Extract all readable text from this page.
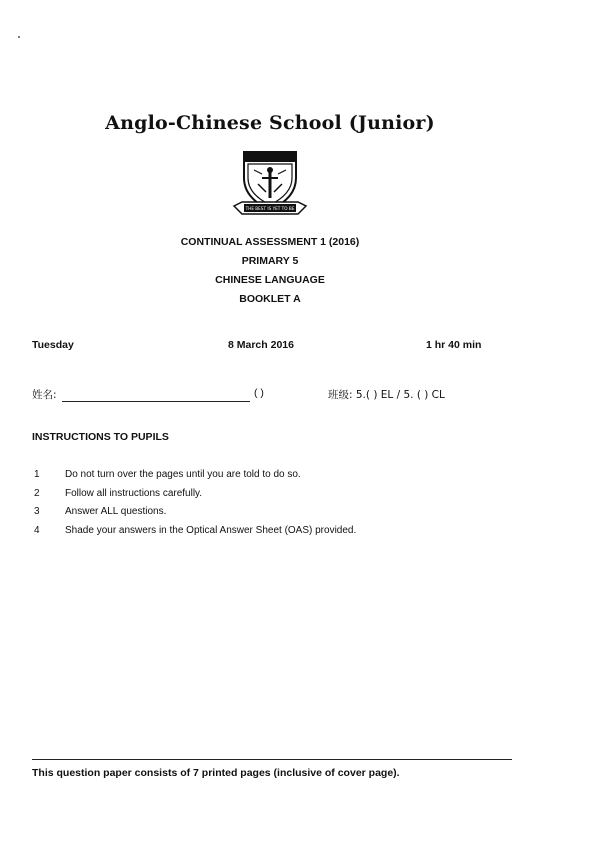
Anglo-Chinese School (Junior)
THE BEST IS YET TO BE
CONTINUAL ASSESSMENT 1 (2016)
PRIMARY 5
CHINESE LANGUAGE
BOOKLET A
Tuesday	8 March 2016	1 hr 40 min
姓名:	( )	班级: 5.( ) EL / 5. ( ) CL
INSTRUCTIONS TO PUPILS
1	Do not turn over the pages until you are told to do so.
2	Follow all instructions carefully.
3	Answer ALL questions.
4	Shade your answers in the Optical Answer Sheet (OAS) provided.
This question paper consists of 7 printed pages (inclusive of cover page).
